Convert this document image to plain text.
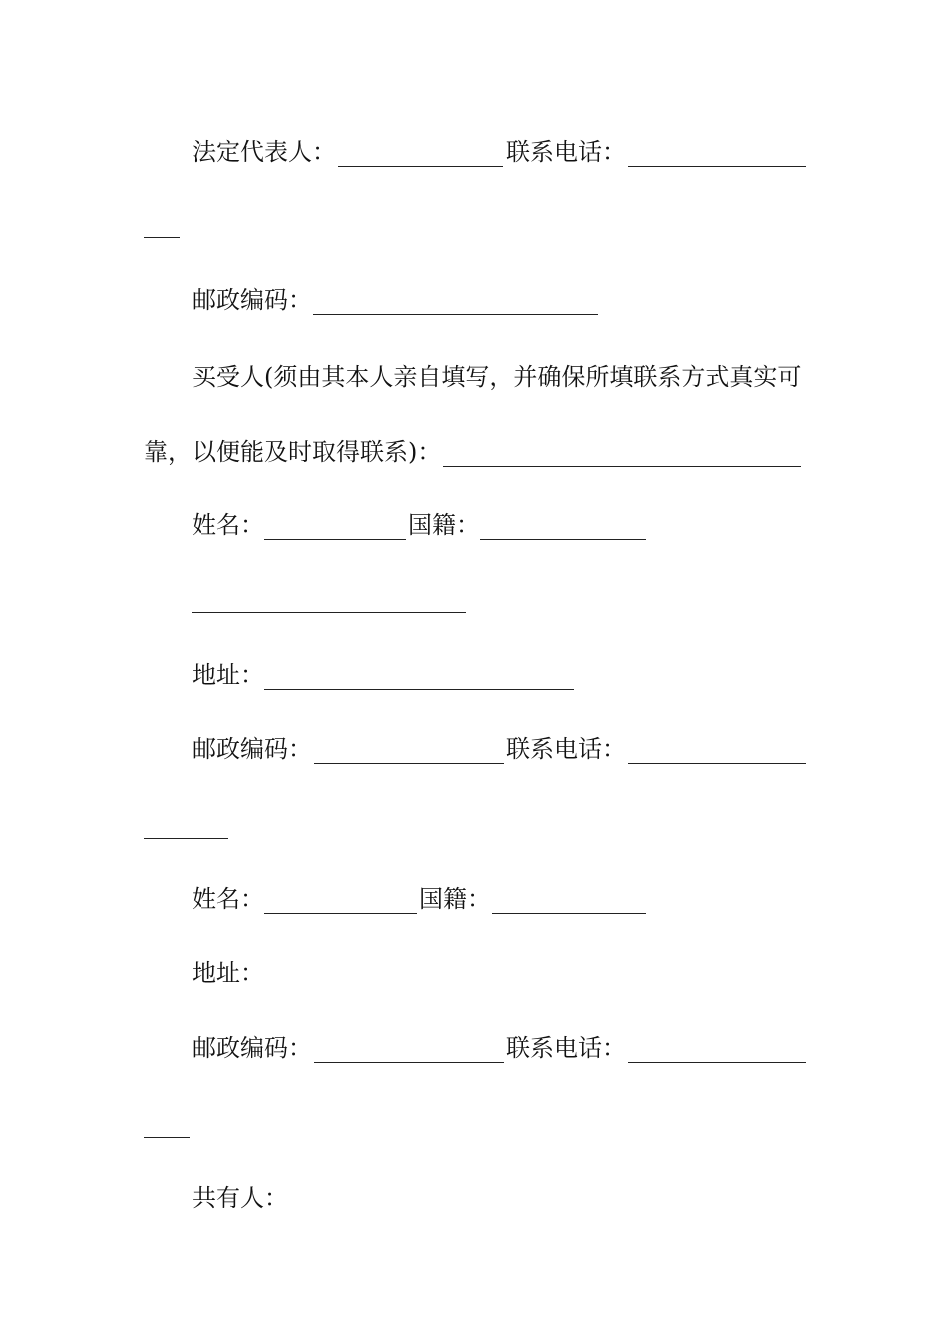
法定代表人：	联系电话：
邮政编码：
买受人(须由其本人亲自填写，并确保所填联系方式真实可
靠，以便能及时取得联系)：
姓名：	国籍：
地址：
邮政编码：	联系电话：
姓名：	国籍：
地址：
邮政编码：	联系电话：
共有人：
